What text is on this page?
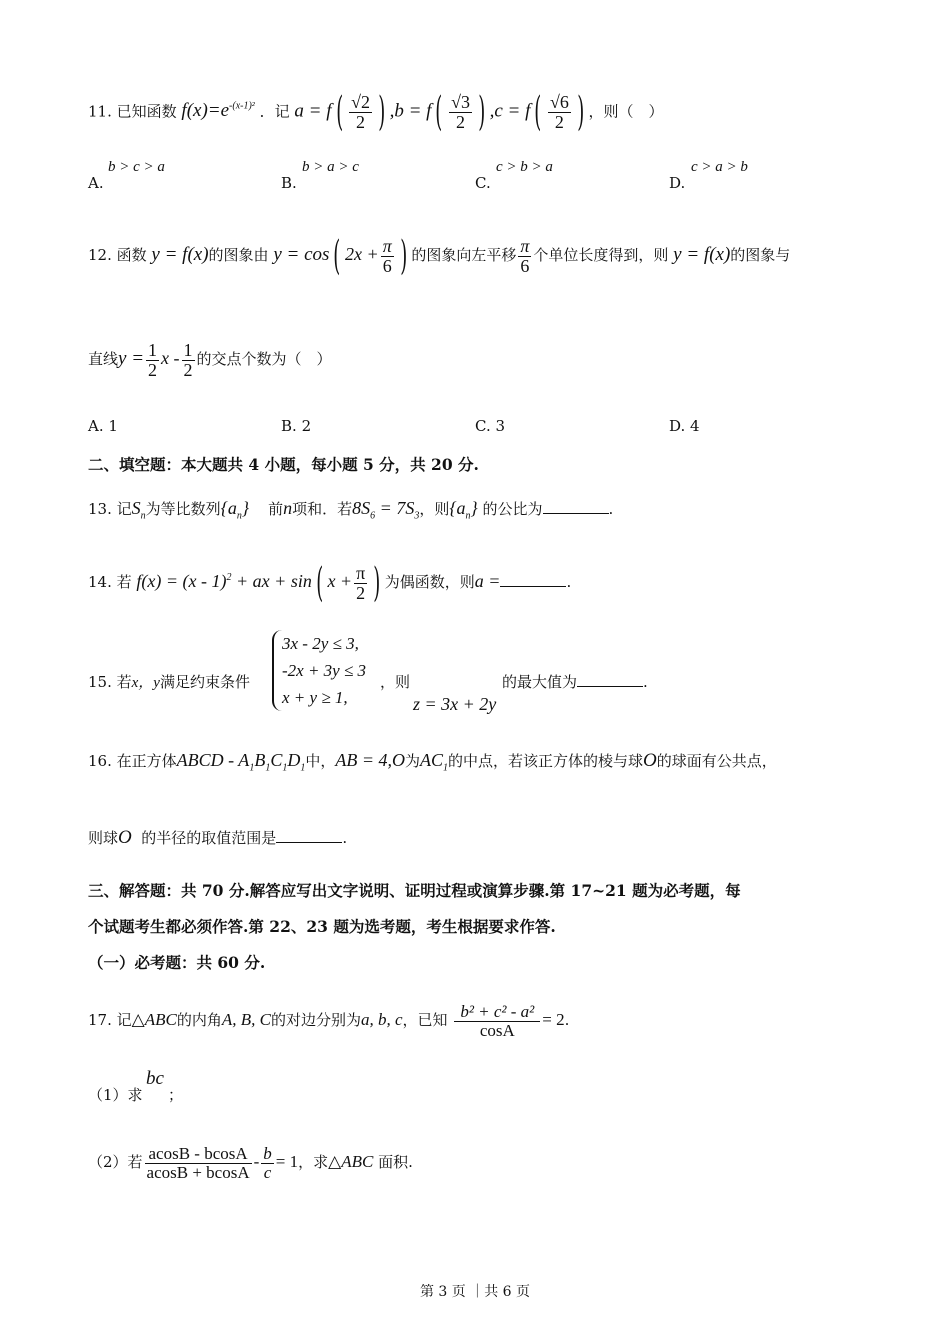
11. 已知函数 $f(x)=e^{-(x-1)^2}$ ．记 a = f ( $\frac{√2}{2}$ ) ,b = f ( $\frac{√3}{2}$ ) ,c = f ( $\frac{√6}{2}$ ) ，则（　）
A.
b > c > a
B.
b > a > c
C.
c > b > a
D.
c > a > b
12. 函数 y = f(x)的图象由 y = cos ( $2x + \frac{\pi}{6}$ ) 的图象向左平移 $\frac{\pi}{6}$ 个单位长度得到，则 y = f(x)的图象与
直线$y = \frac{1}{2}$ x - $\frac{1}{2}$ 的交点个数为（　）
A. 1	B. 2	C. 3	D. 4
二、填空题：本大题共 4 小题，每小题 5 分，共 20 分.
13. 记$S_n$为等比数列$\{a_n\}$ 前n项和．若$8S_6 = 7S_3$，则$\{a_n\}$ 的公比为	.
14. 若 f(x) = (x - 1)$^2$ + ax + sin ( $x + \frac{\pi}{2}$ ) 为偶函数，则a =	.
15. 若x，y满足约束条件
3x - 2y ≤ 3,
-2x + 3y ≤ 3
x + y ≥ 1,
，则
z = 3x + 2y
的最大值为	.
16. 在正方体ABCD - $A_1B_1C_1D_1$中，AB = 4,O为$AC_1$的中点，若该正方体的棱与球O的球面有公共点，
则球O 的半径的取值范围是	.
三、解答题：共 70 分.解答应写出文字说明、证明过程或演算步骤.第 17~21 题为必考题，每
个试题考生都必须作答.第 22、23 题为选考题，考生根据要求作答.
（一）必考题：共 60 分.
17. 记△ABC的内角A, B, C的对边分别为a, b, c，已知 $\frac{\text{b² + c² - a²}}{\cos A} = 2$.
（1）求
bc
；
（2）若 $\frac{acosB - bcosA}{acosB + bcosA} - \frac{b}{c} = 1$，求△ABC 面积.
第 3 页 ｜共 6 页
